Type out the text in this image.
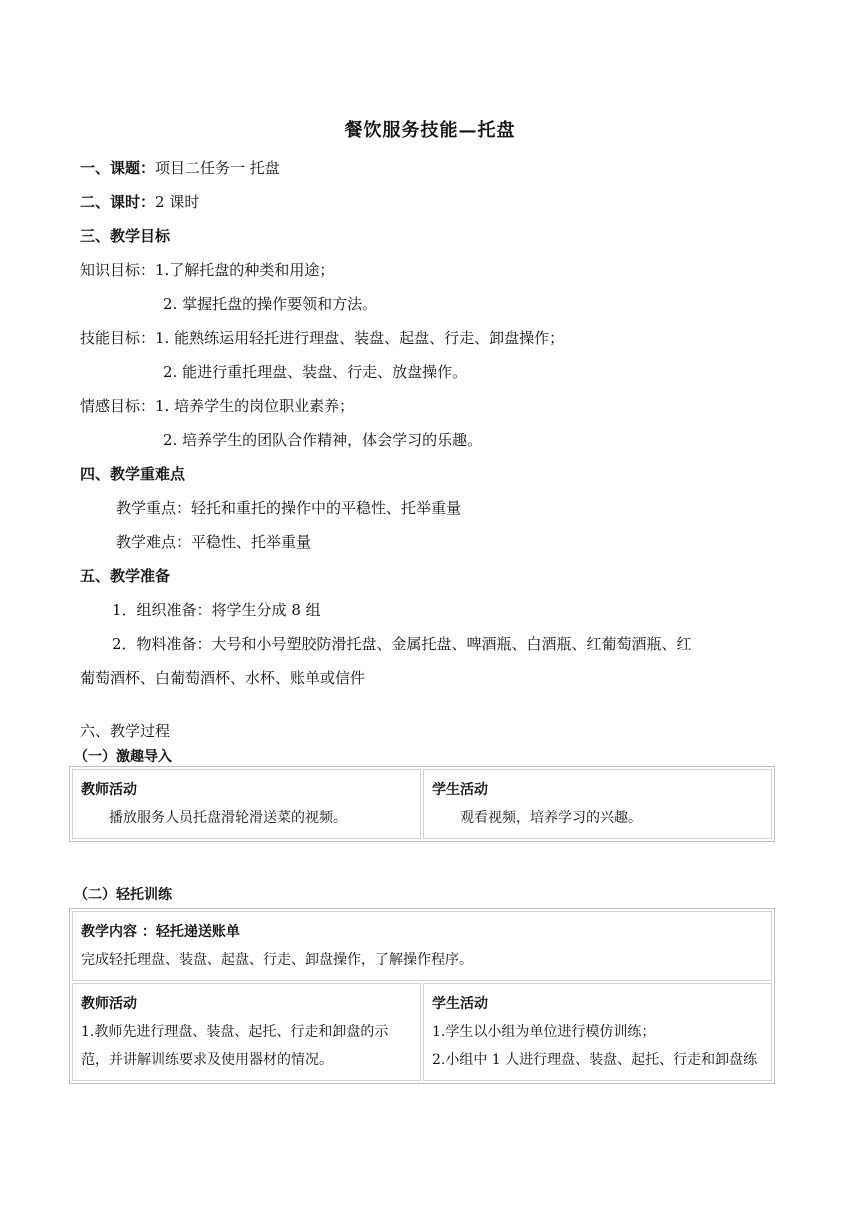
餐饮服务技能—托盘
一、课题：项目二任务一 托盘
二、课时：2 课时
三、教学目标
知识目标：1.了解托盘的种类和用途；
2. 掌握托盘的操作要领和方法。
技能目标：1. 能熟练运用轻托进行理盘、装盘、起盘、行走、卸盘操作；
2. 能进行重托理盘、装盘、行走、放盘操作。
情感目标：1. 培养学生的岗位职业素养；
2. 培养学生的团队合作精神，体会学习的乐趣。
四、教学重难点
教学重点：轻托和重托的操作中的平稳性、托举重量
教学难点：平稳性、托举重量
五、教学准备
1．组织准备：将学生分成 8 组
2．物料准备：大号和小号塑胶防滑托盘、金属托盘、啤酒瓶、白酒瓶、红葡萄酒瓶、红
葡萄酒杯、白葡萄酒杯、水杯、账单或信件
六、教学过程
（一）激趣导入
教师活动
播放服务人员托盘滑轮滑送菜的视频。

学生活动
观看视频，培养学习的兴趣。
（二）轻托训练
教学内容 ：轻托递送账单
完成轻托理盘、装盘、起盘、行走、卸盘操作，了解操作程序。

教师活动
1.教师先进行理盘、装盘、起托、行走和卸盘的示
范，并讲解训练要求及使用器材的情况。

学生活动
1.学生以小组为单位进行模仿训练；
2.小组中 1 人进行理盘、装盘、起托、行走和卸盘练
